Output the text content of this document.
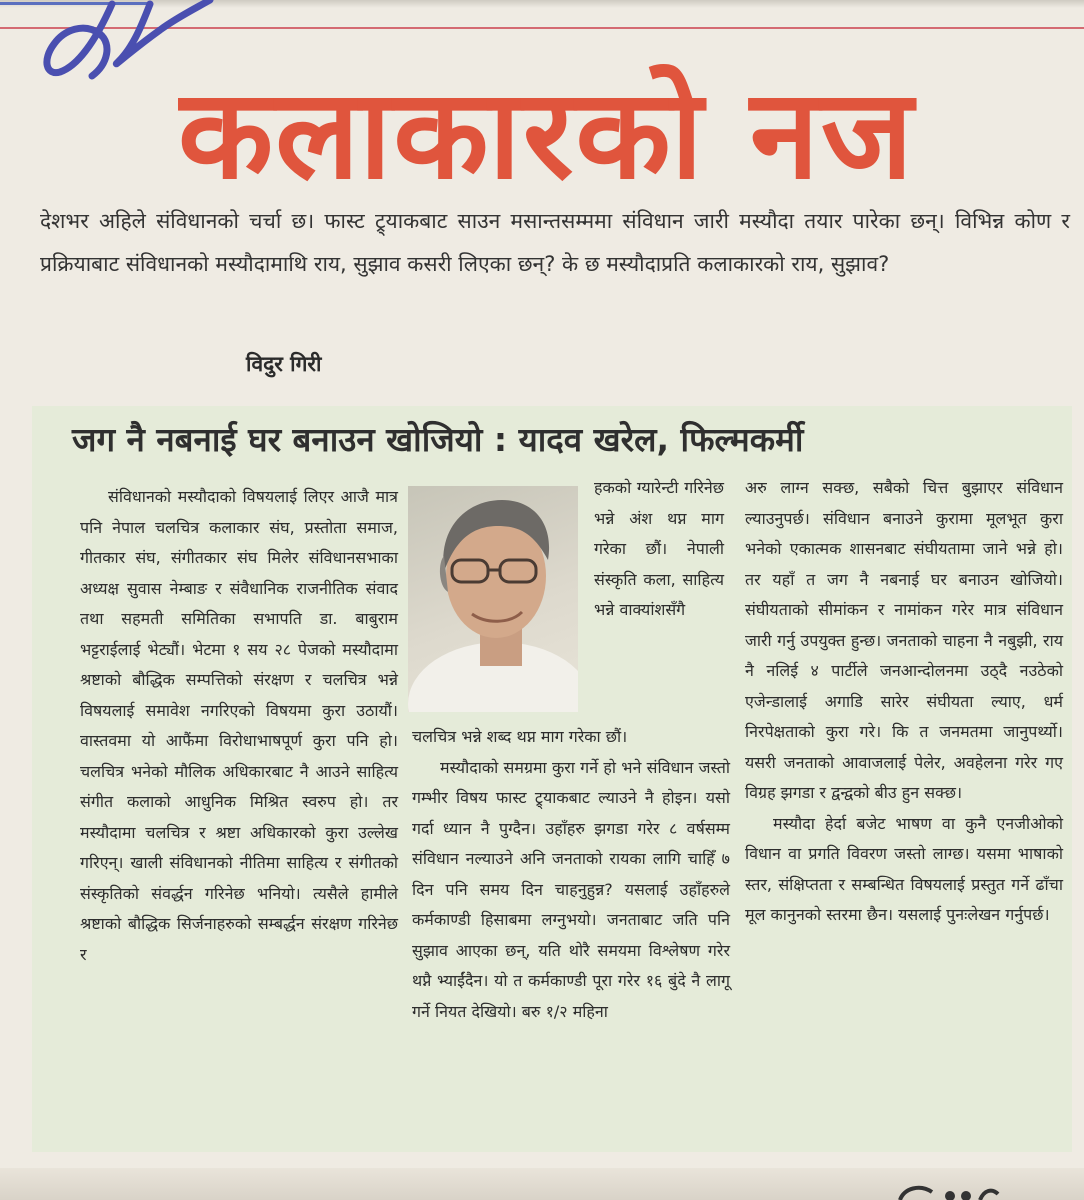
कलाकारको नज

देशभर अहिले संविधानको चर्चा छ। फास्ट ट्र्याकबाट साउन मसान्तसम्ममा संविधान जारी मस्यौदा तयार पारेका छन्। विभिन्न कोण र प्रक्रियाबाट संविधानको मस्यौदामाथि राय, सुझाव कसरी लिएका छन्? के छ मस्यौदाप्रति कलाकारको राय, सुझाव?

विदुर गिरी
जग नै नबनाई घर बनाउन खोजियो : यादव खरेल, फिल्मकर्मी

संविधानको मस्यौदाको विषयलाई लिएर आजै मात्र पनि नेपाल चलचित्र कलाकार संघ, प्रस्तोता समाज, गीतकार संघ, संगीतकार संघ मिलेर संविधानसभाका अध्यक्ष सुवास नेम्बाङ र संवैधानिक राजनीतिक संवाद तथा सहमती समितिका सभापति डा. बाबुराम भट्टराईलाई भेट्यौं। भेटमा १ सय २८ पेजको मस्यौदामा श्रष्टाको बौद्धिक सम्पत्तिको संरक्षण र चलचित्र भन्ने विषयलाई समावेश नगरिएको विषयमा कुरा उठायौं। वास्तवमा यो आफैंमा विरोधाभाषपूर्ण कुरा पनि हो। चलचित्र भनेको मौलिक अधिकारबाट नै आउने साहित्य संगीत कलाको आधुनिक मिश्रित स्वरुप हो। तर मस्यौदामा चलचित्र र श्रष्टा अधिकारको कुरा उल्लेख गरिएन्। खाली संविधानको नीतिमा साहित्य र संगीतको संस्कृतिको संवर्द्धन गरिनेछ भनियो। त्यसैले हामीले श्रष्टाको बौद्धिक सिर्जनाहरुको सम्बर्द्धन संरक्षण गरिनेछ र

हकको ग्यारेन्टी गरिनेछ भन्ने अंश थप्न माग गरेका छौं। नेपाली संस्कृति कला, साहित्य भन्ने वाक्यांशसँगै

चलचित्र भन्ने शब्द थप्न माग गरेका छौं।

मस्यौदाको समग्रमा कुरा गर्ने हो भने संविधान जस्तो गम्भीर विषय फास्ट ट्र्याकबाट ल्याउने नै होइन। यसो गर्दा ध्यान नै पुग्दैन। उहाँहरु झगडा गरेर ८ वर्षसम्म संविधान नल्याउने अनि जनताको रायका लागि चाहिँ ७ दिन पनि समय दिन चाहनुहुन्न? यसलाई उहाँहरुले कर्मकाण्डी हिसाबमा लग्नुभयो। जनताबाट जति पनि सुझाव आएका छन्, यति थोरै समयमा विश्लेषण गरेर थप्नै भ्याईंदैन। यो त कर्मकाण्डी पूरा गरेर १६ बुंदे नै लागू गर्ने नियत देखियो। बरु १/२ महिना

अरु लाग्न सक्छ, सबैको चित्त बुझाएर संविधान ल्याउनुपर्छ। संविधान बनाउने कुरामा मूलभूत कुरा भनेको एकात्मक शासनबाट संघीयतामा जाने भन्ने हो। तर यहाँ त जग नै नबनाई घर बनाउन खोजियो। संघीयताको सीमांकन र नामांकन गरेर मात्र संविधान जारी गर्नु उपयुक्त हुन्छ। जनताको चाहना नै नबुझी, राय नै नलिई ४ पार्टीले जनआन्दोलनमा उठ्दै नउठेको एजेन्डालाई अगाडि सारेर संघीयता ल्याए, धर्म निरपेक्षताको कुरा गरे। कि त जनमतमा जानुपर्थ्यो। यसरी जनताको आवाजलाई पेलेर, अवहेलना गरेर गए विग्रह झगडा र द्वन्द्वको बीउ हुन सक्छ।

मस्यौदा हेर्दा बजेट भाषण वा कुनै एनजीओको विधान वा प्रगति विवरण जस्तो लाग्छ। यसमा भाषाको स्तर, संक्षिप्तता र सम्बन्धित विषयलाई प्रस्तुत गर्ने ढाँचा मूल कानुनको स्तरमा छैन। यसलाई पुनःलेखन गर्नुपर्छ।
